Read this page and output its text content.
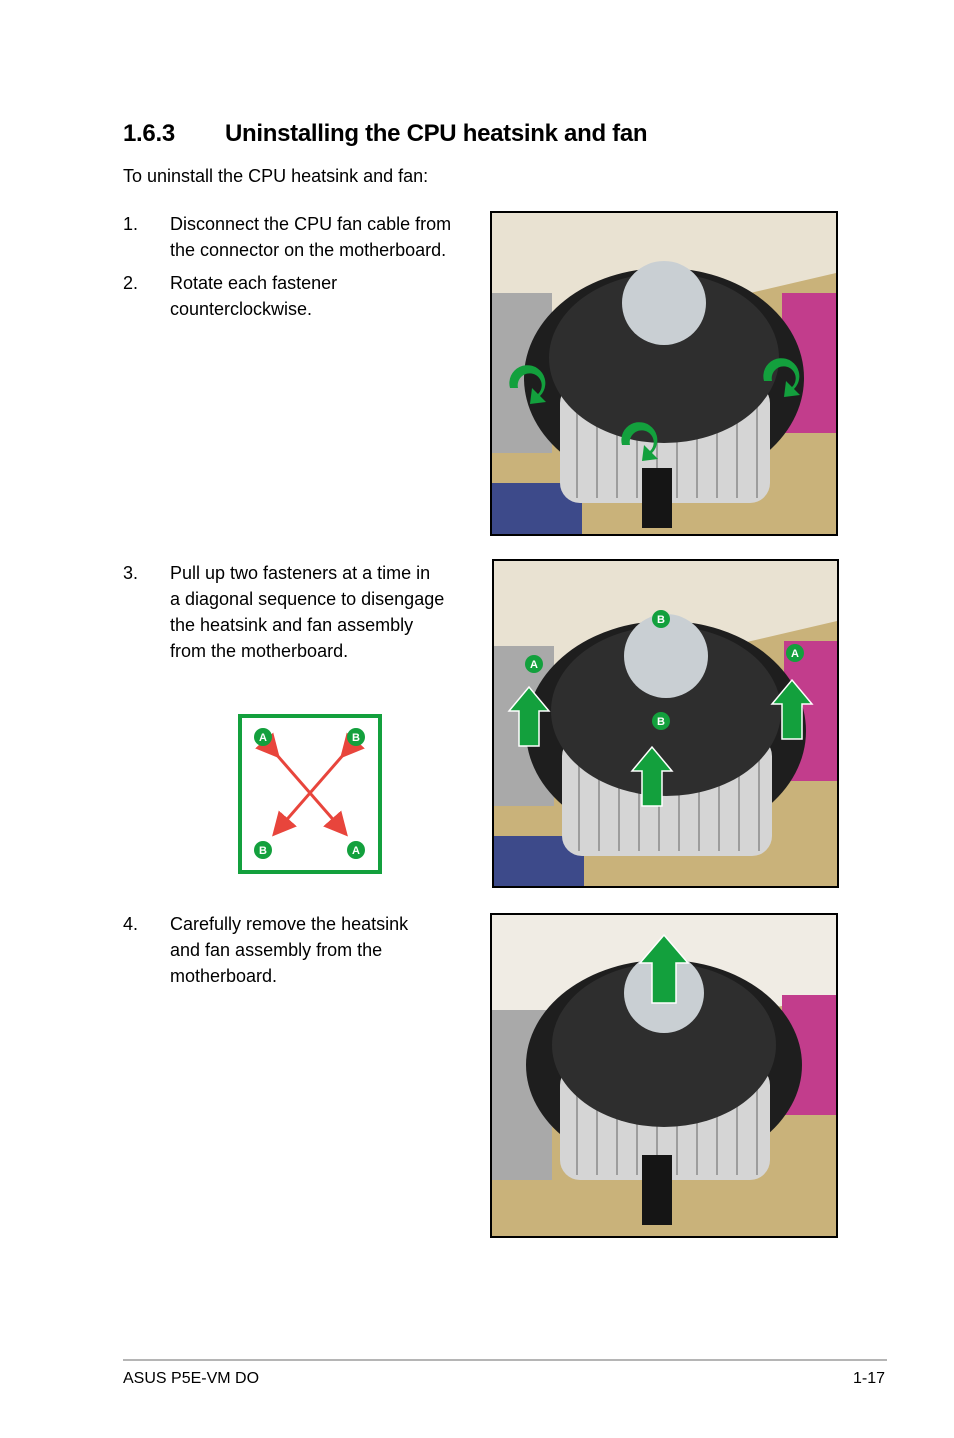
1.6.3 Uninstalling the CPU heatsink and fan
To uninstall the CPU heatsink and fan:
1. Disconnect the CPU fan cable from
the connector on the motherboard.
2. Rotate each fastener
counterclockwise.
3. Pull up two fasteners at a time in
a diagonal sequence to disengage
the heatsink and fan assembly
from the motherboard.
4. Carefully remove the heatsink
and fan assembly from the
motherboard.
A	B
B	A
A
B
A
B
ASUS P5E-VM DO	1-17
